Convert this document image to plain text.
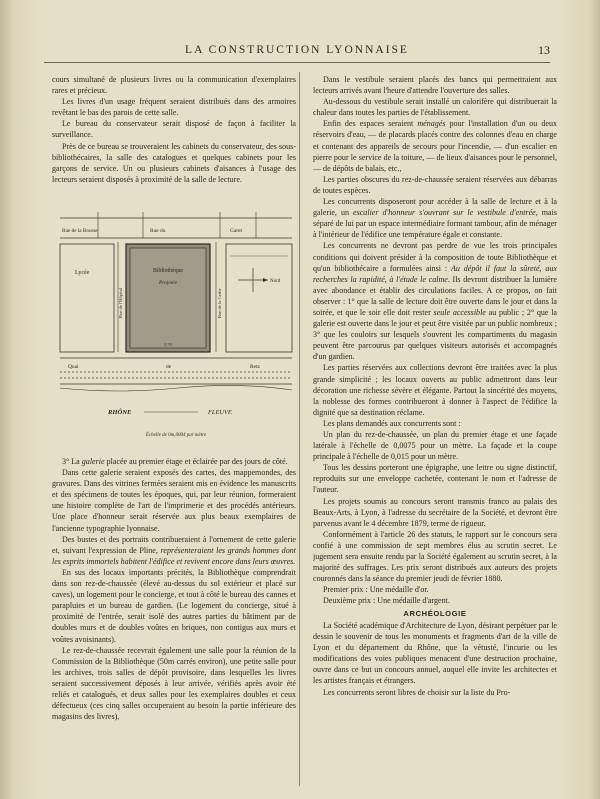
LA CONSTRUCTION LYONNAISE	13

cours simultané de plusieurs livres ou la communication d'exemplaires rares et précieux.

Les livres d'un usage fréquent seraient distribués dans des armoires revêtant le bas des parois de cette salle.

Le bureau du conservateur serait disposé de façon à faciliter la surveillance.

Près de ce bureau se trouveraient les cabinets du conservateur, des sous-bibliothécaires, la salle des catalogues et quelques cabinets pour les garçons de service. Un ou plusieurs cabinets d'aisances à l'usage des lecteurs seraient disposés à proximité de la salle de lecture.

Rue de la Bourse	Rue du	Garet
Lycée
Rue de l'Hôpital
Bibliothèque
Projetée
0,70
Rue de la Gerbe
Nord
Quai	de	Retz
RHÔNE	FLEUVE
Échelle de 0m,0004 par mètre

3° La galerie placée au premier étage et éclairée par des jours de côté.

Dans cette galerie seraient exposés des cartes, des mappemondes, des gravures. Dans des vitrines fermées seraient mis en évidence les manuscrits et des spécimens de toutes les époques, qui, par leur réunion, formeraient une histoire complète de l'art de l'imprimerie et des procédés antérieurs. Une place d'honneur serait réservée aux plus beaux exemplaires de l'ancienne typographie lyonnaise.

Des bustes et des portraits contribueraient à l'ornement de cette galerie et, suivant l'expression de Pline, représenteraient les grands hommes dont les esprits immortels habitent l'édifice et revivent encore dans leurs œuvres.

En sus des locaux importants précités, la Bibliothèque comprendrait dans son rez-de-chaussée (élevé au-dessus du sol extérieur et placé sur caves), un logement pour le concierge, et tout à côté le bureau des cannes et parapluies et un bureau de gardien. (Le logement du concierge, situé à proximité de l'entrée, serait isolé des autres parties du bâtiment par de doubles murs et de doubles voûtes en briques, non contigus aux murs et voûtes avoisinants).

Le rez-de-chaussée recevrait également une salle pour la réunion de la Commission de la Bibliothèque (50m carrés environ), une petite salle pour les archives, trois salles de dépôt provisoire, dans lesquelles les livres seraient successivement déposés à leur arrivée, vérifiés après avoir été reliés et catalogués, et deux salles pour les exemplaires doubles et ceux défectueux (ces cinq salles occuperaient au besoin la partie inférieure des magasins des livres),

Dans le vestibule seraient placés des bancs qui permettraient aux lecteurs arrivés avant l'heure d'attendre l'ouverture des salles.

Au-dessous du vestibule serait installé un calorifère qui distribuerait la chaleur dans toutes les parties de l'établissement.

Enfin des espaces seraient ménagés pour l'installation d'un ou deux réservoirs d'eau, — de placards placés contre des colonnes d'eau en charge et contenant des appareils de secours pour l'incendie, — d'un escalier en pierre pour le service de la toiture, — de lieux d'aisances pour le personnel, — de dépôts de balais, etc.,

Les parties obscures du rez-de-chaussée seraient réservées aux débarras de toutes espèces.

Les concurrents disposeront pour accéder à la salle de lecture et à la galerie, un escalier d'honneur s'ouvrant sur le vestibule d'entrée, mais séparé de lui par un espace intermédiaire formant tambour, afin de ménager à l'intérieur de l'édifice une température égale et constante.

Les concurrents ne devront pas perdre de vue les trois principales conditions qui doivent présider à la composition de toute Bibliothèque et qu'un bibliothécaire a formulées ainsi : Au dépôt il faut la sûreté, aux recherches la rapidité, à l'étude le calme. Ils devront distribuer la lumière avec abondance et établir des circulations faciles. A ce propos, on fait observer : 1° que la salle de lecture doit être ouverte dans le jour et dans la soirée, et que le soir elle doit rester seule accessible au public ; 2° que la galerie est ouverte dans le jour et peut être visitée par un public nombreux ; 3° que les couloirs sur lesquels s'ouvrent les compartiments du magasin peuvent être parcourus par quelques visiteurs autorisés et accompagnés d'un gardien.

Les parties réservées aux collections devront être traitées avec la plus grande simplicité ; les locaux ouverts au public admettront dans leur décoration une richesse sévère et élégante. Partout la sincérité des moyens, la noblesse des formes contribueront à donner à l'aspect de l'édifice la dignité que sa destination réclame.

Les plans demandés aux concurrents sont :

Un plan du rez-de-chaussée, un plan du premier étage et une façade latérale à l'échelle de 0,0075 pour un mètre. La façade et la coupe principale à l'échelle de 0,015 pour un mètre.

Tous les dessins porteront une épigraphe, une lettre ou signe distinctif, reproduits sur une enveloppe cachetée, contenant le nom et l'adresse de l'auteur.

Les projets soumis au concours seront transmis franco au palais des Beaux-Arts, à Lyon, à l'adresse du secrétaire de la Société, et devront être parvenus avant le 4 décembre 1879, terme de rigueur.

Conformément à l'article 26 des statuts, le rapport sur le concours sera confié à une commission de sept membres élus au scrutin secret. Le jugement sera ensuite rendu par la Société également au scrutin secret, à la majorité des suffrages. Les prix seront distribués aux auteurs des projets couronnés dans la séance du premier jeudi de février 1880.

Premier prix : Une médaille d'or.

Deuxième prix : Une médaille d'argent.

ARCHÉOLOGIE

La Société académique d'Architecture de Lyon, désirant perpétuer par le dessin le souvenir de tous les monuments et fragments d'art de la ville de Lyon et du département du Rhône, que la vétusté, l'incurie ou les modifications des voies publiques menacent d'une destruction prochaine, ouvre dans ce but un concours annuel, auquel elle invite les architectes et les artistes français et étrangers.

Les concurrents seront libres de choisir sur la liste du Pro-
